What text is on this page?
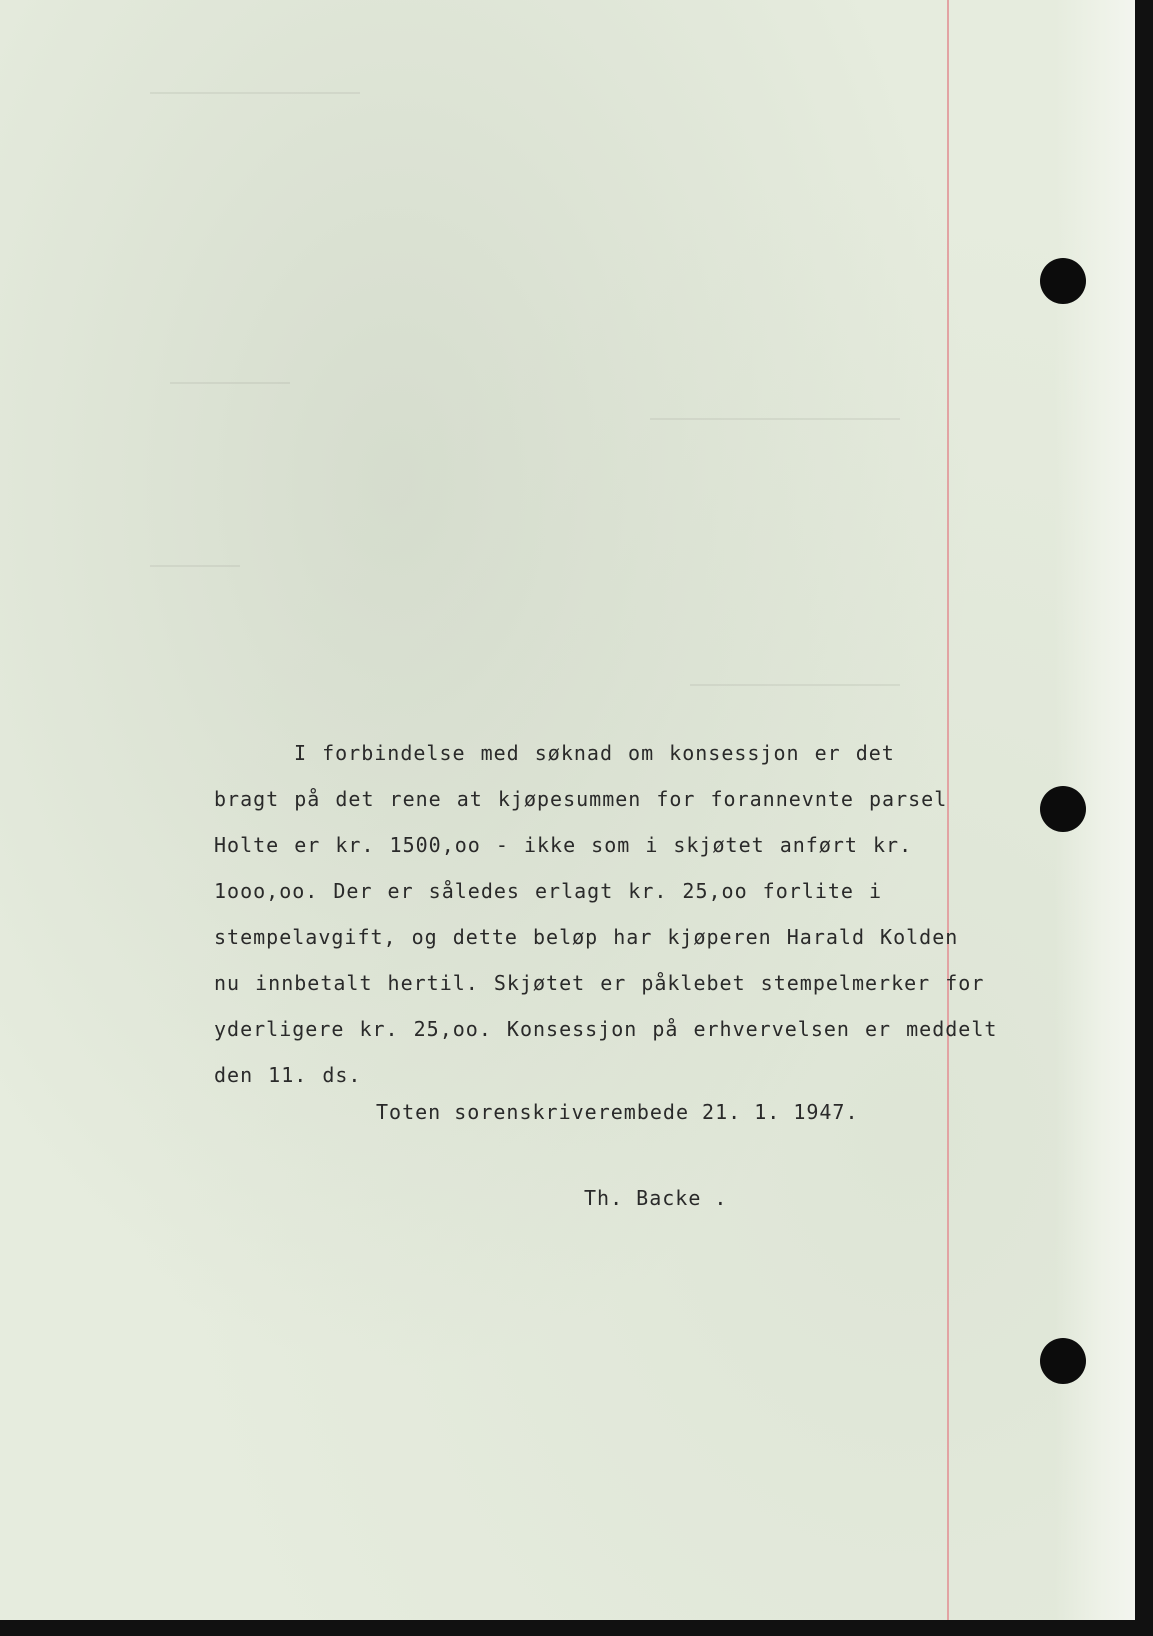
I forbindelse med søknad om konsessjon er det
bragt på det rene at kjøpesummen for forannevnte parsel
Holte er kr. 1500,oo - ikke som i skjøtet anført kr.
1ooo,oo. Der er således erlagt kr. 25,oo forlite i
stempelavgift, og dette beløp har kjøperen Harald Kolden
nu innbetalt hertil. Skjøtet er påklebet stempelmerker for
yderligere kr. 25,oo. Konsessjon på erhvervelsen er meddelt
den 11. ds.
Toten sorenskriverembede 21. 1. 1947.
Th. Backe .
